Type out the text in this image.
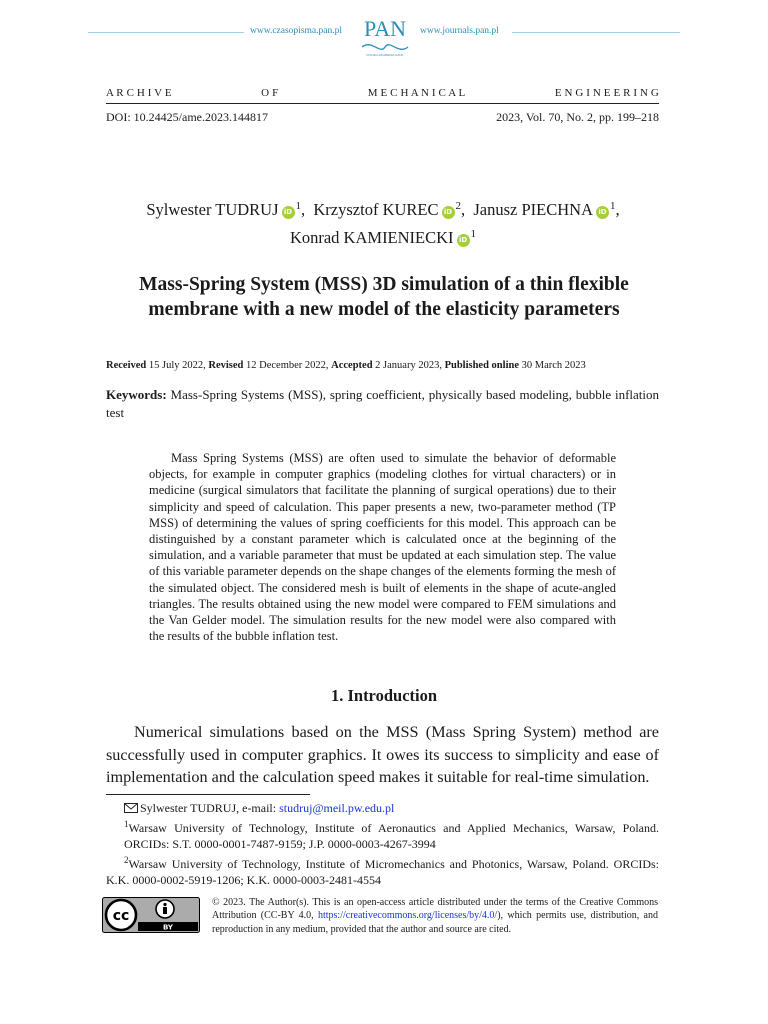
www.czasopisma.pan.pl PAN
POLSKA AKADEMIA NAUK
www.journals.pan.pl
A R C H I V E	O F	M E C H A N I C A L	E N G I N E E R I N G
DOI: 10.24425/ame.2023.144817	2023, Vol. 70, No. 2, pp. 199–218
Sylwester TUDRUJ iD $^1$, Krzysztof KUREC iD $^2$, Janusz PIECHNA iD $^1$,
Konrad KAMIENIECKI iD $^1$
Mass-Spring System (MSS) 3D simulation of a thin flexible membrane with a new model of the elasticity parameters
Received 15 July 2022, Revised 12 December 2022, Accepted 2 January 2023, Published online 30 March 2023
Keywords: Mass-Spring Systems (MSS), spring coefficient, physically based modeling, bubble inflation test
Mass Spring Systems (MSS) are often used to simulate the behavior of deformable objects, for example in computer graphics (modeling clothes for virtual characters) or in medicine (surgical simulators that facilitate the planning of surgical operations) due to their simplicity and speed of calculation. This paper presents a new, two-parameter method (TP MSS) of determining the values of spring coefficients for this model. This approach can be distinguished by a constant parameter which is calculated once at the beginning of the simulation, and a variable parameter that must be updated at each simulation step. The value of this variable parameter depends on the shape changes of the elements forming the mesh of the simulated object. The considered mesh is built of elements in the shape of acute-angled triangles. The results obtained using the new model were compared to FEM simulations and the Van Gelder model. The simulation results for the new model were also compared with the results of the bubble inflation test.
1. Introduction
Numerical simulations based on the MSS (Mass Spring System) method are successfully used in computer graphics. It owes its success to simplicity and ease of implementation and the calculation speed makes it suitable for real-time simulation.

Sylwester TUDRUJ, e-mail: studruj@meil.pw.edu.pl

$^1$Warsaw University of Technology, Institute of Aeronautics and Applied Mechanics, Warsaw, Poland. ORCIDs: S.T. 0000-0001-7487-9159; J.P. 0000-0003-4267-3994

$^2$Warsaw University of Technology, Institute of Micromechanics and Photonics, Warsaw, Poland. ORCIDs: K.K. 0000-0002-5919-1206; K.K. 0000-0003-2481-4554

cc
BY
© 2023. The Author(s). This is an open-access article distributed under the terms of the Creative Commons Attribution (CC-BY 4.0, https://creativecommons.org/licenses/by/4.0/), which permits use, distribution, and reproduction in any medium, provided that the author and source are cited.
